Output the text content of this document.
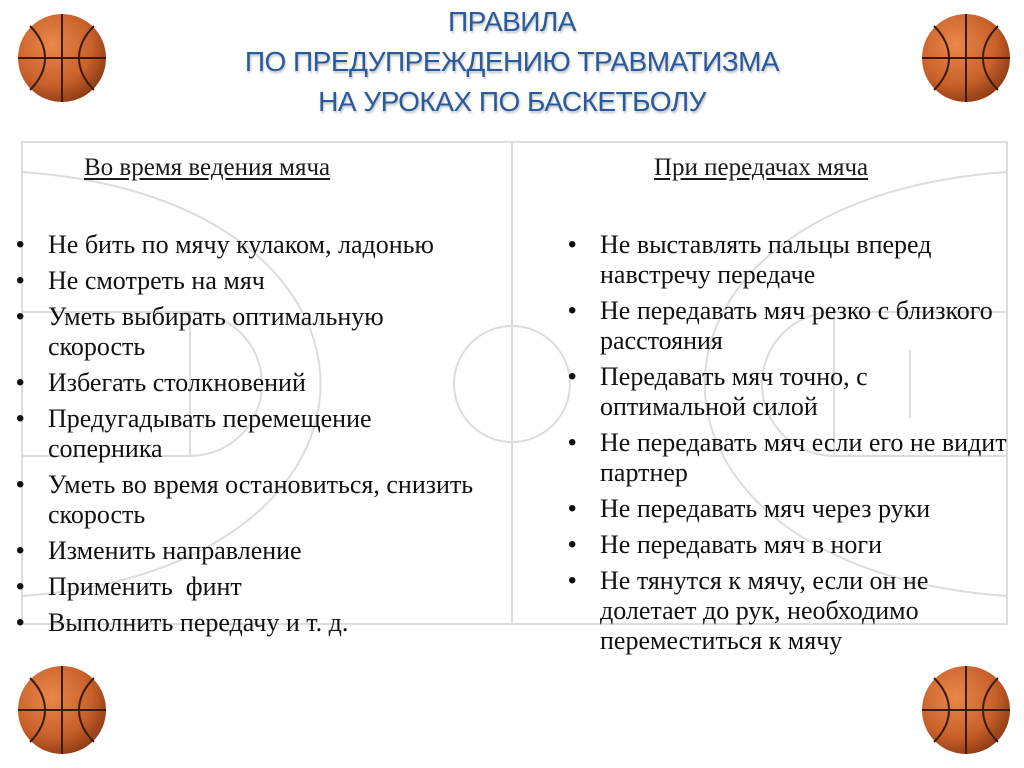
ПРАВИЛА
ПО ПРЕДУПРЕЖДЕНИЮ ТРАВМАТИЗМА
НА УРОКАХ ПО БАСКЕТБОЛУ
Во время ведения мяча
• Не бить по мячу кулаком, ладонью
• Не смотреть на мяч
• Уметь выбирать оптимальную скорость
• Избегать столкновений
• Предугадывать перемещение соперника
• Уметь во время остановиться, снизить скорость
• Изменить направление
• Применить  финт
• Выполнить передачу и т. д.
При передачах мяча
• Не выставлять пальцы вперед навстречу передаче
• Не передавать мяч резко с близкого расстояния
• Передавать мяч точно, с оптимальной силой
• Не передавать мяч если его не видит партнер
• Не передавать мяч через руки
• Не передавать мяч в ноги
• Не тянутся к мячу, если он не долетает до рук, необходимо переместиться к мячу
